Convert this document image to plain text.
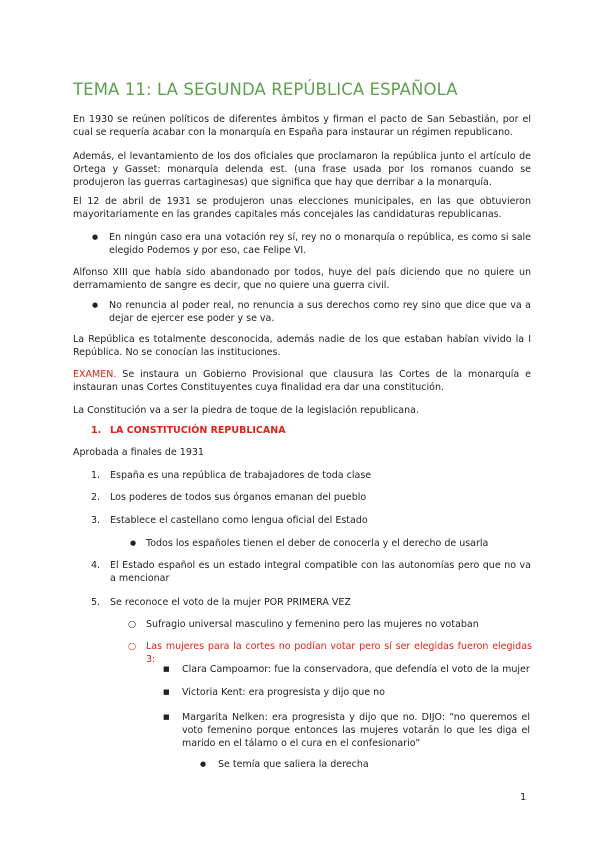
TEMA 11: LA SEGUNDA REPÚBLICA ESPAÑOLA
En 1930 se reúnen políticos de diferentes ámbitos y firman el pacto de San Sebastián, por el cual se requería acabar con la monarquía en España para instaurar un régimen republicano.
Además, el levantamiento de los dos oficiales que proclamaron la república junto el artículo de Ortega y Gasset: monarquía delenda est. (una frase usada por los romanos cuando se produjeron las guerras cartaginesas) que significa que hay que derribar a la monarquía.
El 12 de abril de 1931 se produjeron unas elecciones municipales, en las que obtuvieron mayoritariamente en las grandes capitales más concejales las candidaturas republicanas.
● En ningún caso era una votación rey sí, rey no o monarquía o república, es como si sale elegido Podemos y por eso, cae Felipe VI.
Alfonso XIII que había sido abandonado por todos, huye del país diciendo que no quiere un derramamiento de sangre es decir, que no quiere una guerra civil.
● No renuncia al poder real, no renuncia a sus derechos como rey sino que dice que va a dejar de ejercer ese poder y se va.
La República es totalmente desconocida, además nadie de los que estaban habían vivido la I República. No se conocían las instituciones.
EXAMEN. Se instaura un Gobierno Provisional que clausura las Cortes de la monarquía e instauran unas Cortes Constituyentes cuya finalidad era dar una constitución.
La Constitución va a ser la piedra de toque de la legislación republicana.
1. LA CONSTITUCIÓN REPUBLICANA
Aprobada a finales de 1931
1. España es una república de trabajadores de toda clase
2. Los poderes de todos sus órganos emanan del pueblo
3. Establece el castellano como lengua oficial del Estado
● Todos los españoles tienen el deber de conocerla y el derecho de usarla
4. El Estado español es un estado integral compatible con las autonomías pero que no va a mencionar
5. Se reconoce el voto de la mujer POR PRIMERA VEZ
○ Sufragio universal masculino y femenino pero las mujeres no votaban
○ Las mujeres para la cortes no podían votar pero sí ser elegidas fueron elegidas 3:
■ Clara Campoamor: fue la conservadora, que defendía el voto de la mujer
■ Victoria Kent: era progresista y dijo que no
■ Margarita Nelken: era progresista y dijo que no. DIJO: “no queremos el voto femenino porque entonces las mujeres votarán lo que les diga el marido en el tálamo o el cura en el confesionario”
● Se temía que saliera la derecha
1
